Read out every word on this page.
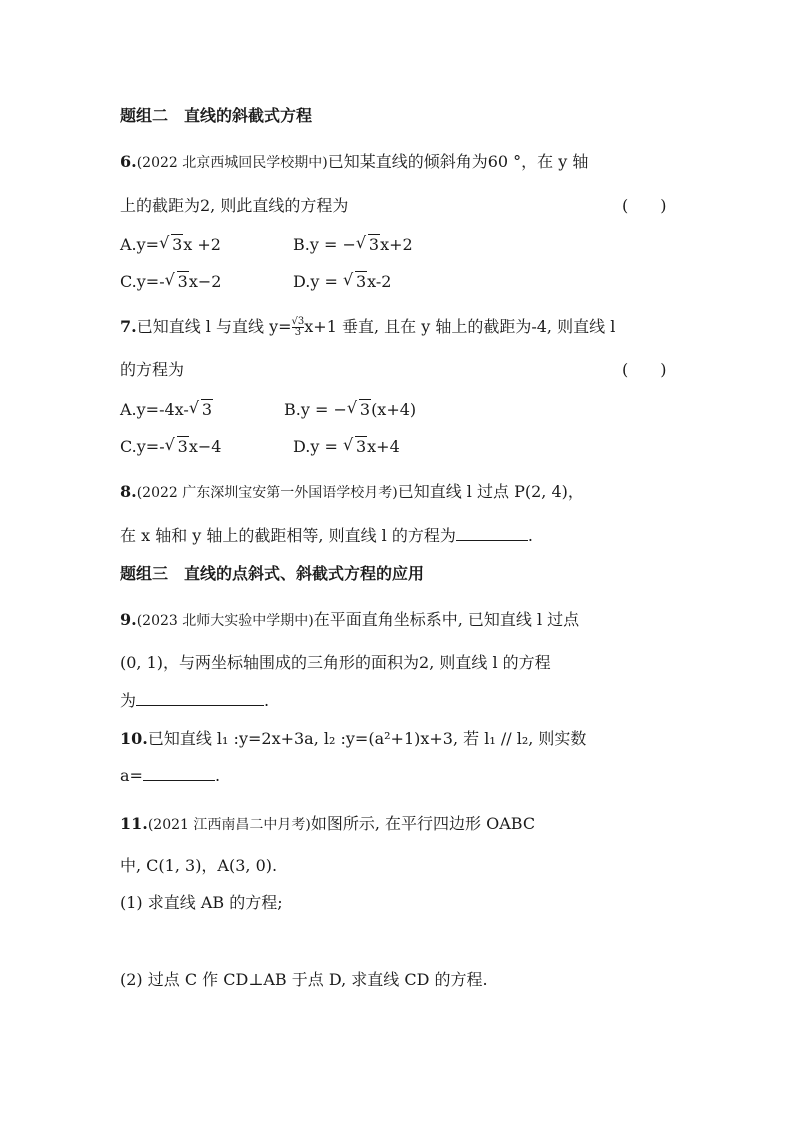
题组二　直线的斜截式方程
6.(2022 北京西城回民学校期中)已知某直线的倾斜角为60 °，在 y 轴
上的截距为2, 则此直线的方程为	(　　)
A.y= √ 3x +2	B.y = − √ 3x+2
C.y=- √ 3x−2	D.y = √ 3x-2
7.已知直线 l 与直线 $y= \frac{√3}{3} x+1$ 垂直, 且在 y 轴上的截距为-4, 则直线 l
的方程为	(　　)
A.y=-4x- √ 3	B.y = − √ 3(x+4)
C.y=- √ 3x−4	D.y = √ 3x+4
8.(2022 广东深圳宝安第一外国语学校月考)已知直线 l 过点 P(2, 4)，
在 x 轴和 y 轴上的截距相等, 则直线 l 的方程为	.
题组三　直线的点斜式、斜截式方程的应用
9.(2023 北师大实验中学期中)在平面直角坐标系中, 已知直线 l 过点
(0, 1)，与两坐标轴围成的三角形的面积为2, 则直线 l 的方程
为	.
10.已知直线 l₁ :y=2x+3a, l₂ :y=(a²+1)x+3, 若 l₁ // l₂, 则实数
a=	.
11.(2021 江西南昌二中月考)如图所示, 在平行四边形 OABC
中, C(1, 3)，A(3, 0).
(1) 求直线 AB 的方程;
(2) 过点 C 作 CD⊥AB 于点 D, 求直线 CD 的方程.
